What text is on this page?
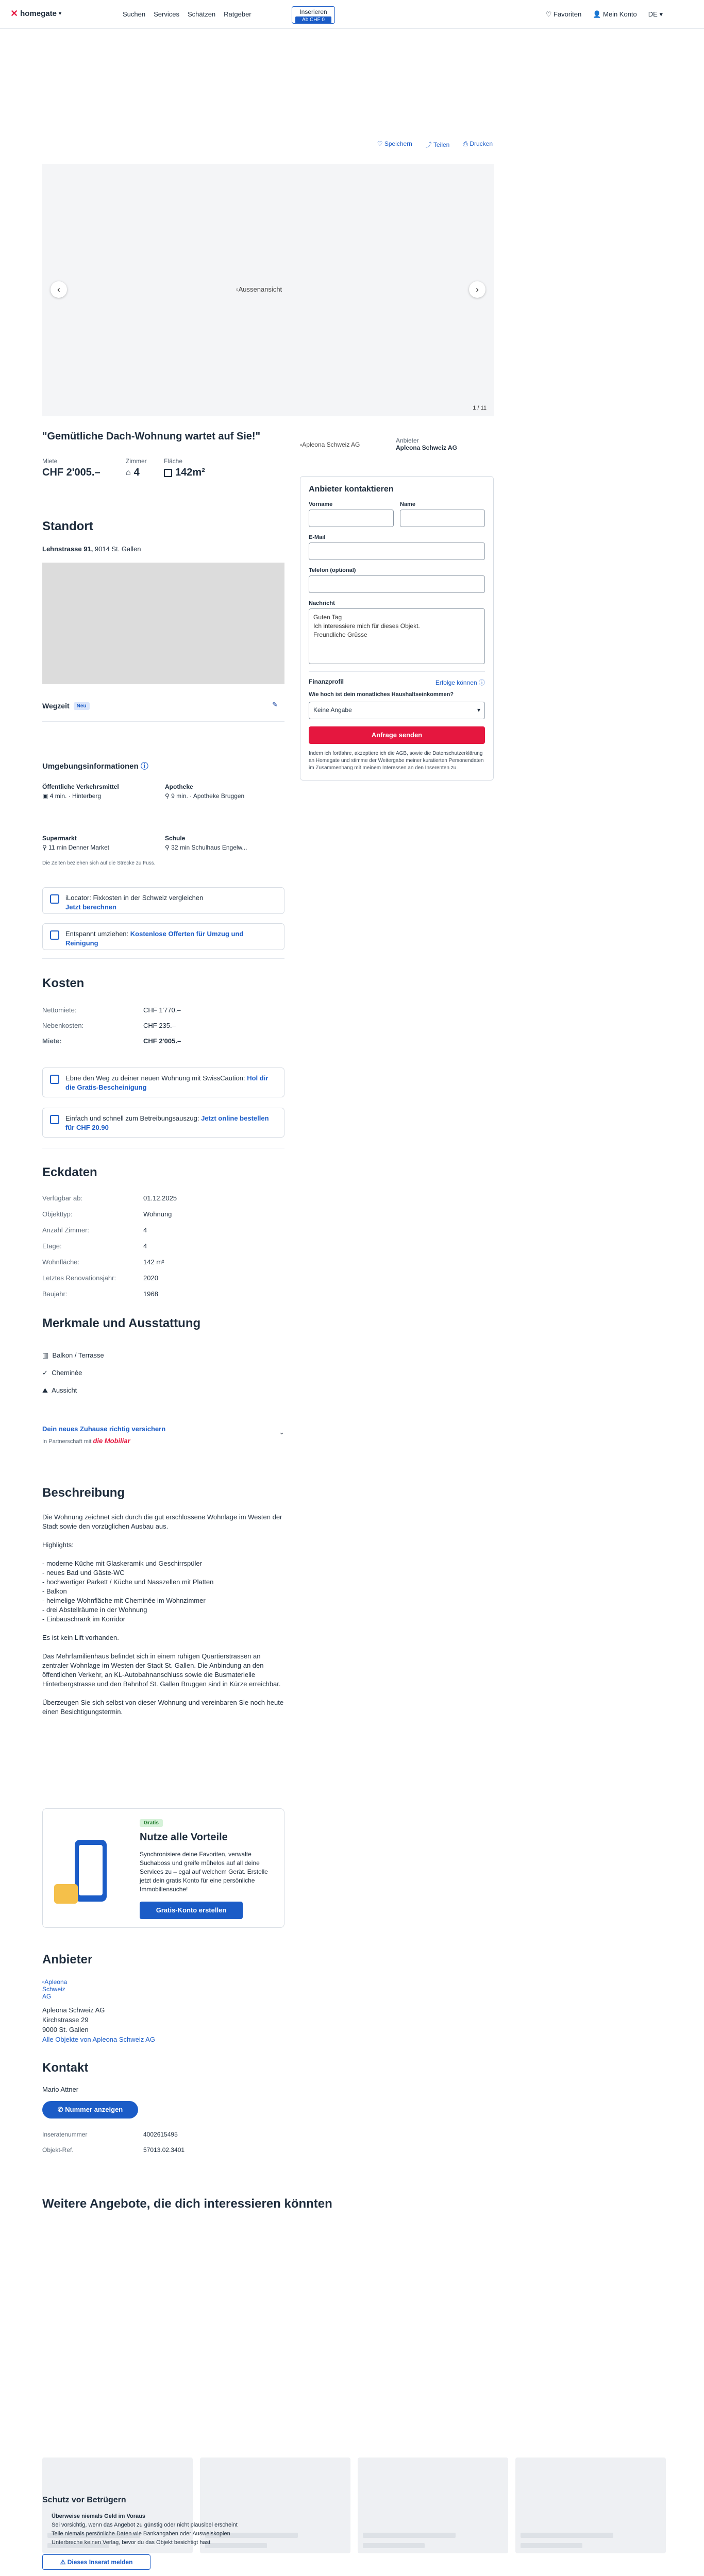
✕ homegate ▾	Suchen Services Schätzen Ratgeber	Inserieren
Ab CHF 0
♡ Favoriten 👤 Mein Konto DE ▾
♡ Speichern ⤴ Teilen ⎙ Drucken
‹	▫Aussenansicht	›
1 / 11
"Gemütliche Dach-Wohnung wartet auf Sie!"
Miete
CHF 2'005.–
Zimmer
⌂ 4
Fläche
142m²
▫Apleona Schweiz AG
Anbieter
Apleona Schweiz AG
Anbieter kontaktieren
Vorname	Name
E-Mail
Telefon (optional)
Nachricht
Guten Tag
Ich interessiere mich für dieses Objekt.
Freundliche Grüsse
Finanzprofil	Erfolge können ⓘ
Wie hoch ist dein monatliches Haushaltseinkommen?
Keine Angabe	▾
Anfrage senden
Indem ich fortfahre, akzeptiere ich die AGB, sowie die Datenschutzerklärung an Homegate und stimme der Weitergabe meiner kuratierten Personendaten im Zusammenhang mit meinem Interessen an den Inserenten zu.
Standort
Lehnstrasse 91, 9014 St. Gallen
Wegzeit	Neu	✎
Umgebungsinformationen ⓘ
Öffentliche Verkehrsmittel
▣ 4 min. · Hinterberg
Apotheke
⚲ 9 min. · Apotheke Bruggen
Supermarkt
⚲ 11 min Denner Market
Schule
⚲ 32 min Schulhaus Engelw...
Die Zeiten beziehen sich auf die Strecke zu Fuss.
iLocator: Fixkosten in der Schweiz vergleichen
Jetzt berechnen
Entspannt umziehen: Kostenlose Offerten für Umzug und Reinigung
Kosten
Nettomiete:	CHF 1'770.–
Nebenkosten:	CHF 235.–
Miete:	CHF 2'005.–
Ebne den Weg zu deiner neuen Wohnung mit SwissCaution: Hol dir die Gratis-Bescheinigung
Einfach und schnell zum Betreibungsauszug: Jetzt online bestellen für CHF 20.90
Eckdaten
Verfügbar ab:	01.12.2025
Objekttyp:	Wohnung
Anzahl Zimmer:	4
Etage:	4
Wohnfläche:	142 m²
Letztes Renovationsjahr:	2020
Baujahr:	1968
Merkmale und Ausstattung
▥ Balkon / Terrasse
✓ Cheminée
⛰ Aussicht
Dein neues Zuhause richtig versichern
In Partnerschaft mit die Mobiliar
⌄
Beschreibung

Die Wohnung zeichnet sich durch die gut erschlossene Wohnlage im Westen der Stadt sowie den vorzüglichen Ausbau aus.

Highlights:

- moderne Küche mit Glaskeramik und Geschirrspüler
- neues Bad und Gäste-WC
- hochwertiger Parkett / Küche und Nasszellen mit Platten
- Balkon
- heimelige Wohnfläche mit Cheminée im Wohnzimmer
- drei Abstellräume in der Wohnung
- Einbauschrank im Korridor

Es ist kein Lift vorhanden.

Das Mehrfamilienhaus befindet sich in einem ruhigen Quartierstrassen an zentraler Wohnlage im Westen der Stadt St. Gallen. Die Anbindung an den öffentlichen Verkehr, an KL-Autobahnanschluss sowie die Busmaterielle Hinterbergstrasse und den Bahnhof St. Gallen Bruggen sind in Kürze erreichbar.

Überzeugen Sie sich selbst von dieser Wohnung und vereinbaren Sie noch heute einen Besichtigungstermin.

Gratis
Nutze alle Vorteile
Synchronisiere deine Favoriten, verwalte Suchaboss und greife mühelos auf all deine Services zu – egal auf welchem Gerät. Erstelle jetzt dein gratis Konto für eine persönliche Immobiliensuche!
Gratis-Konto erstellen
Anbieter
▫Apleona Schweiz AG
Apleona Schweiz AG
Kirchstrasse 29
9000 St. Gallen
Alle Objekte von Apleona Schweiz AG
Kontakt
Mario Attner
✆ Nummer anzeigen
Inseratenummer	4002615495
Objekt-Ref.	57013.02.3401
Weitere Angebote, die dich interessieren könnten
Schutz vor Betrügern
Überweise niemals Geld im Voraus
Sei vorsichtig, wenn das Angebot zu günstig oder nicht plausibel erscheint
Teile niemals persönliche Daten wie Bankangaben oder Ausweiskopien
Unterbreche keinen Verlag, bevor du das Objekt besichtigt hast
⚠ Dieses Inserat melden
